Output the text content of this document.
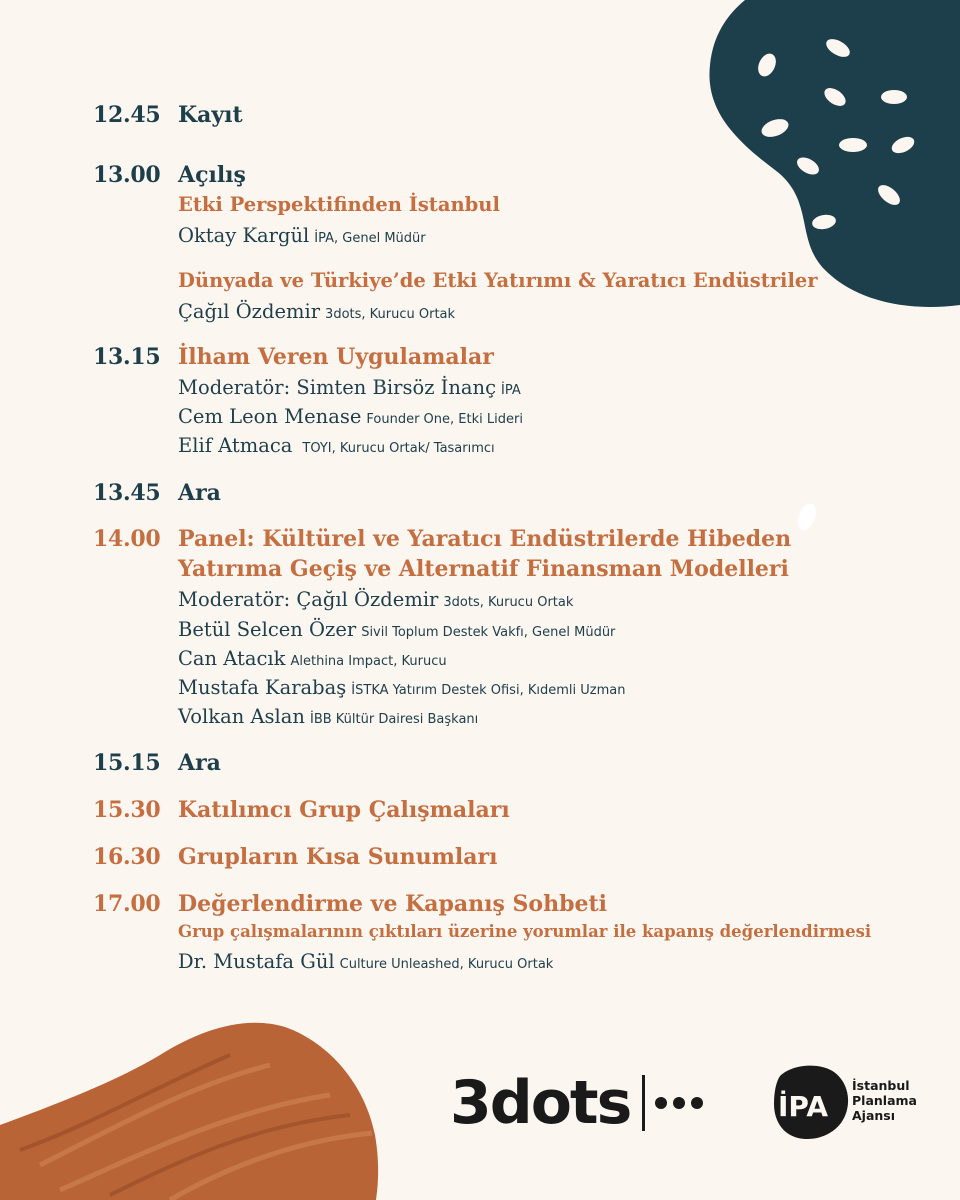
12.45 Kayıt
13.00 Açılış
Etki Perspektifinden İstanbul
Oktay Kargül İPA, Genel Müdür
Dünyada ve Türkiye’de Etki Yatırımı & Yaratıcı Endüstriler
Çağıl Özdemir 3dots, Kurucu Ortak
13.15 İlham Veren Uygulamalar
Moderatör: Simten Birsöz İnanç İPA
Cem Leon Menase Founder One, Etki Lideri
Elif Atmaca TOYI, Kurucu Ortak/ Tasarımcı
13.45 Ara
14.00 Panel: Kültürel ve Yaratıcı Endüstrilerde Hibeden
Yatırıma Geçiş ve Alternatif Finansman Modelleri
Moderatör: Çağıl Özdemir 3dots, Kurucu Ortak
Betül Selcen Özer Sivil Toplum Destek Vakfı, Genel Müdür
Can Atacık Alethina Impact, Kurucu
Mustafa Karabaş İSTKA Yatırım Destek Ofisi, Kıdemli Uzman
Volkan Aslan İBB Kültür Dairesi Başkanı
15.15 Ara
15.30 Katılımcı Grup Çalışmaları
16.30 Grupların Kısa Sunumları
17.00 Değerlendirme ve Kapanış Sohbeti
Grup çalışmalarının çıktıları üzerine yorumlar ile kapanış değerlendirmesi
Dr. Mustafa Gül Culture Unleashed, Kurucu Ortak
3dots	İPA
İstanbul
Planlama
Ajansı
